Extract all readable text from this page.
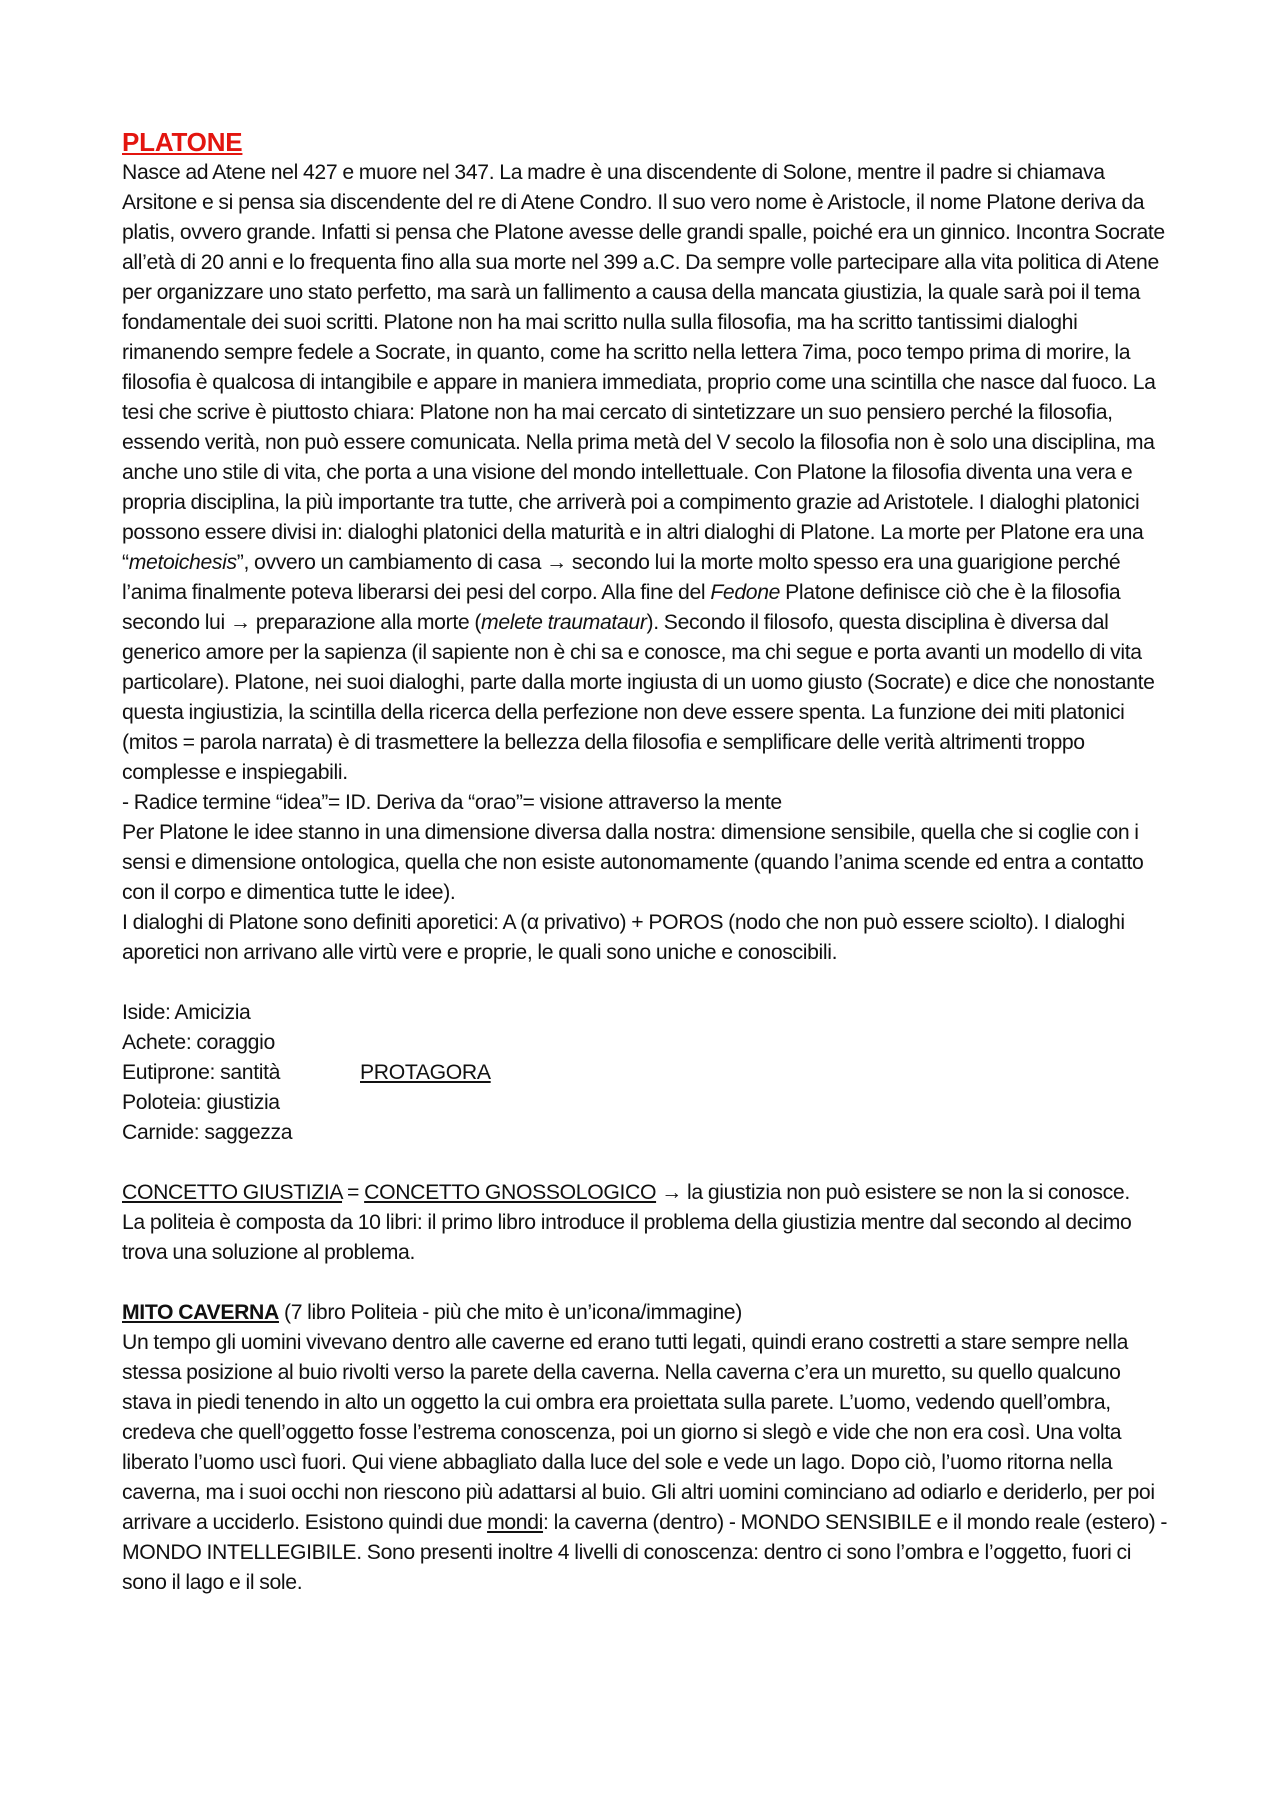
PLATONE

Nasce ad Atene nel 427 e muore nel 347. La madre è una discendente di Solone, mentre il padre si chiamava Arsitone e si pensa sia discendente del re di Atene Condro. Il suo vero nome è Aristocle, il nome Platone deriva da platis, ovvero grande. Infatti si pensa che Platone avesse delle grandi spalle, poiché era un ginnico. Incontra Socrate all’età di 20 anni e lo frequenta fino alla sua morte nel 399 a.C. Da sempre volle partecipare alla vita politica di Atene per organizzare uno stato perfetto, ma sarà un fallimento a causa della mancata giustizia, la quale sarà poi il tema fondamentale dei suoi scritti. Platone non ha mai scritto nulla sulla filosofia, ma ha scritto tantissimi dialoghi rimanendo sempre fedele a Socrate, in quanto, come ha scritto nella lettera 7ima, poco tempo prima di morire, la filosofia è qualcosa di intangibile e appare in maniera immediata, proprio come una scintilla che nasce dal fuoco. La tesi che scrive è piuttosto chiara: Platone non ha mai cercato di sintetizzare un suo pensiero perché la filosofia, essendo verità, non può essere comunicata. Nella prima metà del V secolo la filosofia non è solo una disciplina, ma anche uno stile di vita, che porta a una visione del mondo intellettuale. Con Platone la filosofia diventa una vera e propria disciplina, la più importante tra tutte, che arriverà poi a compimento grazie ad Aristotele. I dialoghi platonici possono essere divisi in: dialoghi platonici della maturità e in altri dialoghi di Platone. La morte per Platone era una “metoichesis”, ovvero un cambiamento di casa → secondo lui la morte molto spesso era una guarigione perché l’anima finalmente poteva liberarsi dei pesi del corpo. Alla fine del Fedone Platone definisce ciò che è la filosofia secondo lui → preparazione alla morte (melete traumataur). Secondo il filosofo, questa disciplina è diversa dal generico amore per la sapienza (il sapiente non è chi sa e conosce, ma chi segue e porta avanti un modello di vita particolare). Platone, nei suoi dialoghi, parte dalla morte ingiusta di un uomo giusto (Socrate) e dice che nonostante questa ingiustizia, la scintilla della ricerca della perfezione non deve essere spenta. La funzione dei miti platonici (mitos = parola narrata) è di trasmettere la bellezza della filosofia e semplificare delle verità altrimenti troppo complesse e inspiegabili.

- Radice termine “idea”= ID. Deriva da “orao”= visione attraverso la mente

Per Platone le idee stanno in una dimensione diversa dalla nostra: dimensione sensibile, quella che si coglie con i sensi e dimensione ontologica, quella che non esiste autonomamente (quando l’anima scende ed entra a contatto con il corpo e dimentica tutte le idee).

I dialoghi di Platone sono definiti aporetici: A (α privativo) + POROS (nodo che non può essere sciolto). I dialoghi aporetici non arrivano alle virtù vere e proprie, le quali sono uniche e conoscibili.

Iside: Amicizia
Achete: coraggio
Eutiprone: santità	PROTAGORA
Poloteia: giustizia
Carnide: saggezza

CONCETTO GIUSTIZIA = CONCETTO GNOSSOLOGICO → la giustizia non può esistere se non la si conosce.

La politeia è composta da 10 libri: il primo libro introduce il problema della giustizia mentre dal secondo al decimo trova una soluzione al problema.

MITO CAVERNA (7 libro Politeia - più che mito è un’icona/immagine)

Un tempo gli uomini vivevano dentro alle caverne ed erano tutti legati, quindi erano costretti a stare sempre nella stessa posizione al buio rivolti verso la parete della caverna. Nella caverna c’era un muretto, su quello qualcuno stava in piedi tenendo in alto un oggetto la cui ombra era proiettata sulla parete. L’uomo, vedendo quell’ombra, credeva che quell’oggetto fosse l’estrema conoscenza, poi un giorno si slegò e vide che non era così. Una volta liberato l’uomo uscì fuori. Qui viene abbagliato dalla luce del sole e vede un lago. Dopo ciò, l’uomo ritorna nella caverna, ma i suoi occhi non riescono più adattarsi al buio. Gli altri uomini cominciano ad odiarlo e deriderlo, per poi arrivare a ucciderlo. Esistono quindi due mondi: la caverna (dentro) - MONDO SENSIBILE e il mondo reale (estero) - MONDO INTELLEGIBILE. Sono presenti inoltre 4 livelli di conoscenza: dentro ci sono l’ombra e l’oggetto, fuori ci sono il lago e il sole.
